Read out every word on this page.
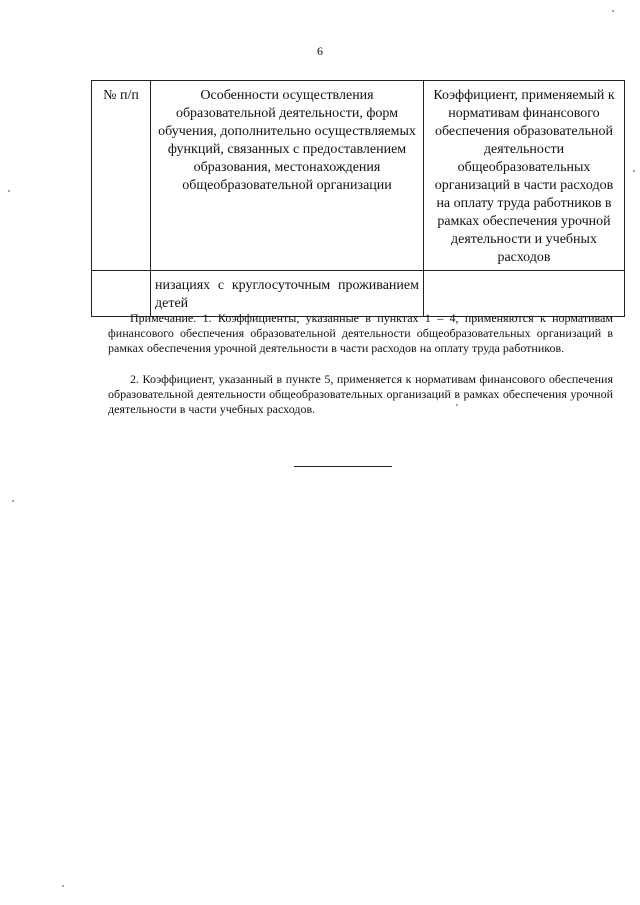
6
№ п/п	Особенности осуществления образовательной деятельности, форм обучения, дополнительно осуществляемых функций, связанных с предоставлением образования, местонахождения общеобразовательной организации	Коэффициент, применяемый к нормативам финансового обеспечения образовательной деятельности общеобразовательных организаций в части расходов на оплату труда работников в рамках обеспечения урочной деятельности и учебных расходов
	низациях с круглосуточным проживанием детей	

Примечание. 1. Коэффициенты, указанные в пунктах 1 – 4, применяются к нормативам финансового обеспечения образовательной деятельности общеобразовательных организаций в рамках обеспечения урочной деятельности в части расходов на оплату труда работников.

2. Коэффициент, указанный в пункте 5, применяется к нормативам финансового обеспечения образовательной деятельности общеобразовательных организаций в рамках обеспечения урочной деятельности в части учебных расходов.
